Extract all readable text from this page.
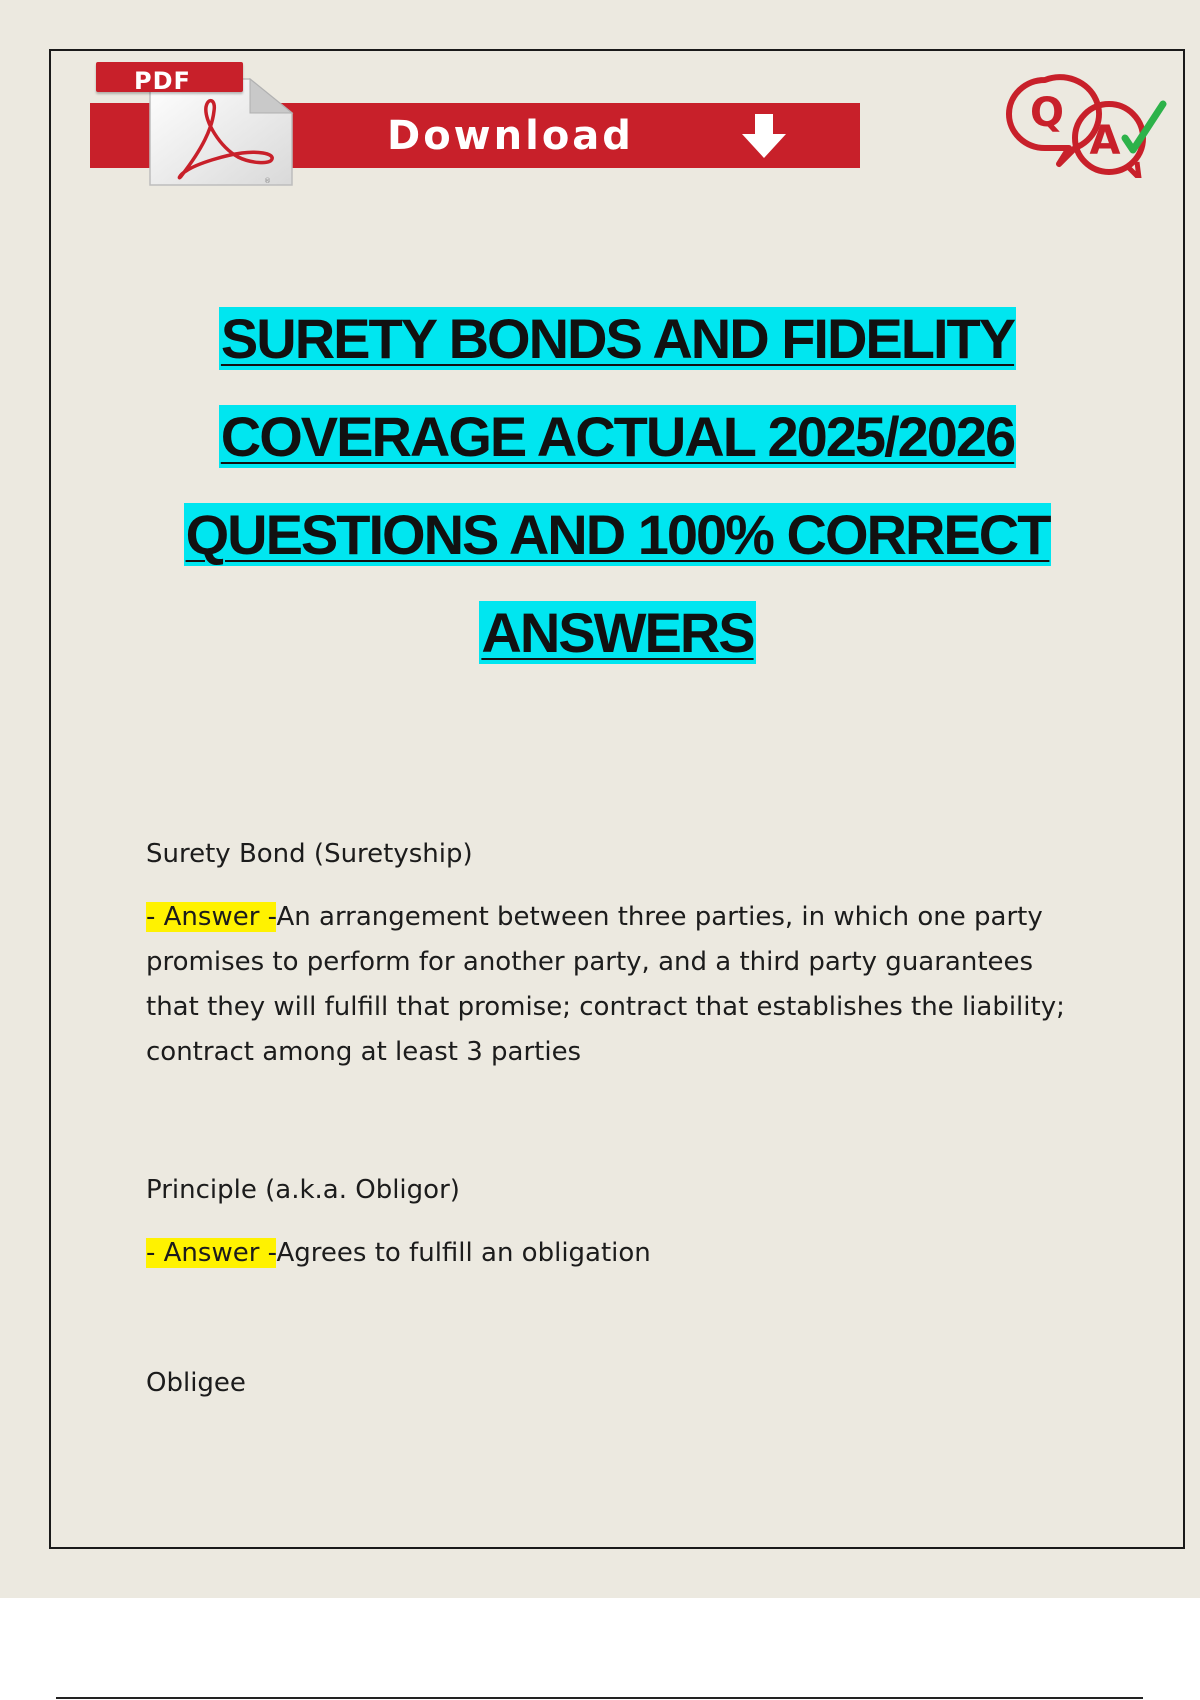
Download
®
PDF
Q
A
SURETY BONDS AND FIDELITY
COVERAGE ACTUAL 2025/2026
QUESTIONS AND 100% CORRECT
ANSWERS
Surety Bond (Suretyship)
- Answer -An arrangement between three parties, in which one party promises to perform for another party, and a third party guarantees that they will fulfill that promise; contract that establishes the liability; contract among at least 3 parties
Principle (a.k.a. Obligor)
- Answer -Agrees to fulfill an obligation
Obligee
